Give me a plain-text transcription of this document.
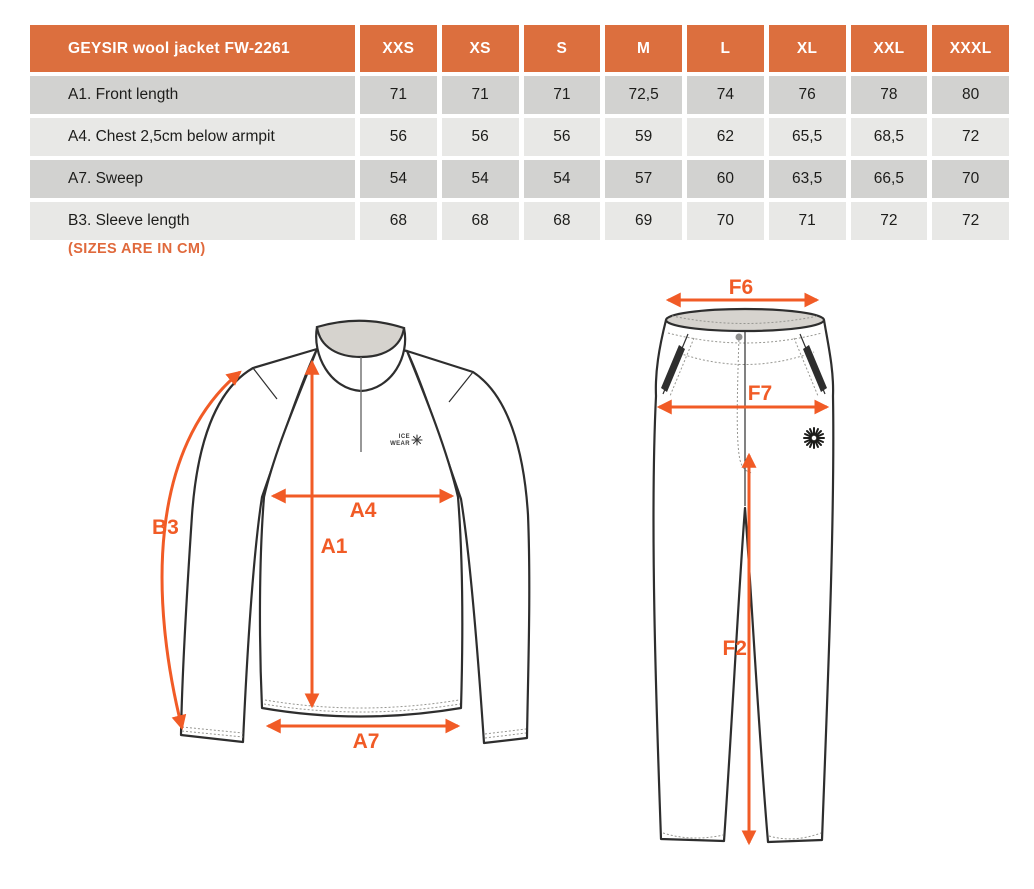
GEYSIR wool jacket FW-2261	XXS	XS	S	M	L	XL	XXL	XXXL
A1. Front length	71	71	71	72,5	74	76	78	80
A4. Chest 2,5cm below armpit	56	56	56	59	62	65,5	68,5	72
A7. Sweep	54	54	54	57	60	63,5	66,5	70
B3. Sleeve length	68	68	68	69	70	71	72	72
(SIZES ARE IN CM)
ICE
WEAR
B3
A4
A1
A7
F6
F7
F2
